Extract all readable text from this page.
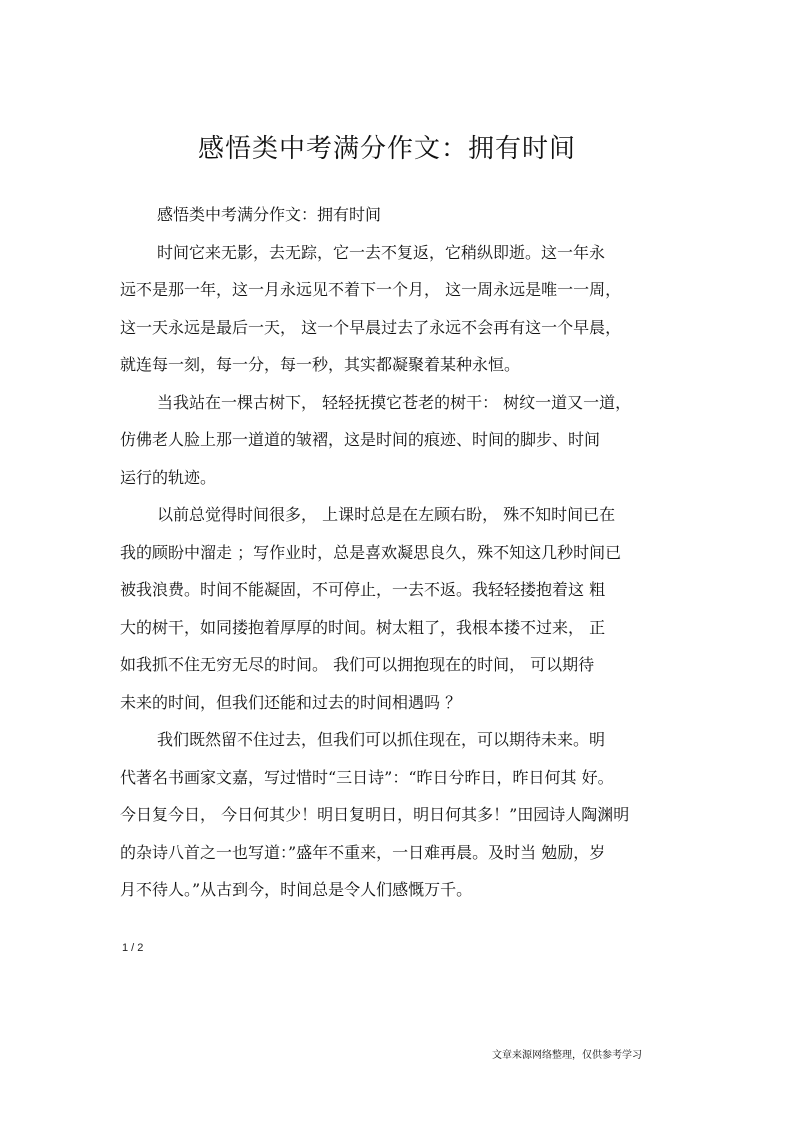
感悟类中考满分作文：拥有时间
感悟类中考满分作文：拥有时间
时间它来无影，去无踪，它一去不复返，它稍纵即逝。这一年永
远不是那一年，这一月永远见不着下一个月， 这一周永远是唯一一周，
这一天永远是最后一天， 这一个早晨过去了永远不会再有这一个早晨，
就连每一刻，每一分，每一秒，其实都凝聚着某种永恒。
当我站在一棵古树下， 轻轻抚摸它苍老的树干： 树纹一道又一道，
仿佛老人脸上那一道道的皱褶，这是时间的痕迹、时间的脚步、时间
运行的轨迹。
以前总觉得时间很多， 上课时总是在左顾右盼， 殊不知时间已在
我的顾盼中溜走 ；写作业时，总是喜欢凝思良久，殊不知这几秒时间已
被我浪费。时间不能凝固，不可停止，一去不返。我轻轻搂抱着这 粗
大的树干，如同搂抱着厚厚的时间。树太粗了，我根本搂不过来， 正
如我抓不住无穷无尽的时间。 我们可以拥抱现在的时间， 可以期待
未来的时间，但我们还能和过去的时间相遇吗 ？
我们既然留不住过去，但我们可以抓住现在，可以期待未来。明
代著名书画家文嘉，写过惜时“三日诗”：“昨日兮昨日，昨日何其 好。
今日复今日， 今日何其少！明日复明日，明日何其多！”田园诗人陶渊明
的杂诗八首之一也写道：”盛年不重来，一日难再晨。及时当 勉励，岁
月不待人。”从古到今，时间总是令人们感慨万千。
1 / 2
文章来源网络整理，仅供参考学习
